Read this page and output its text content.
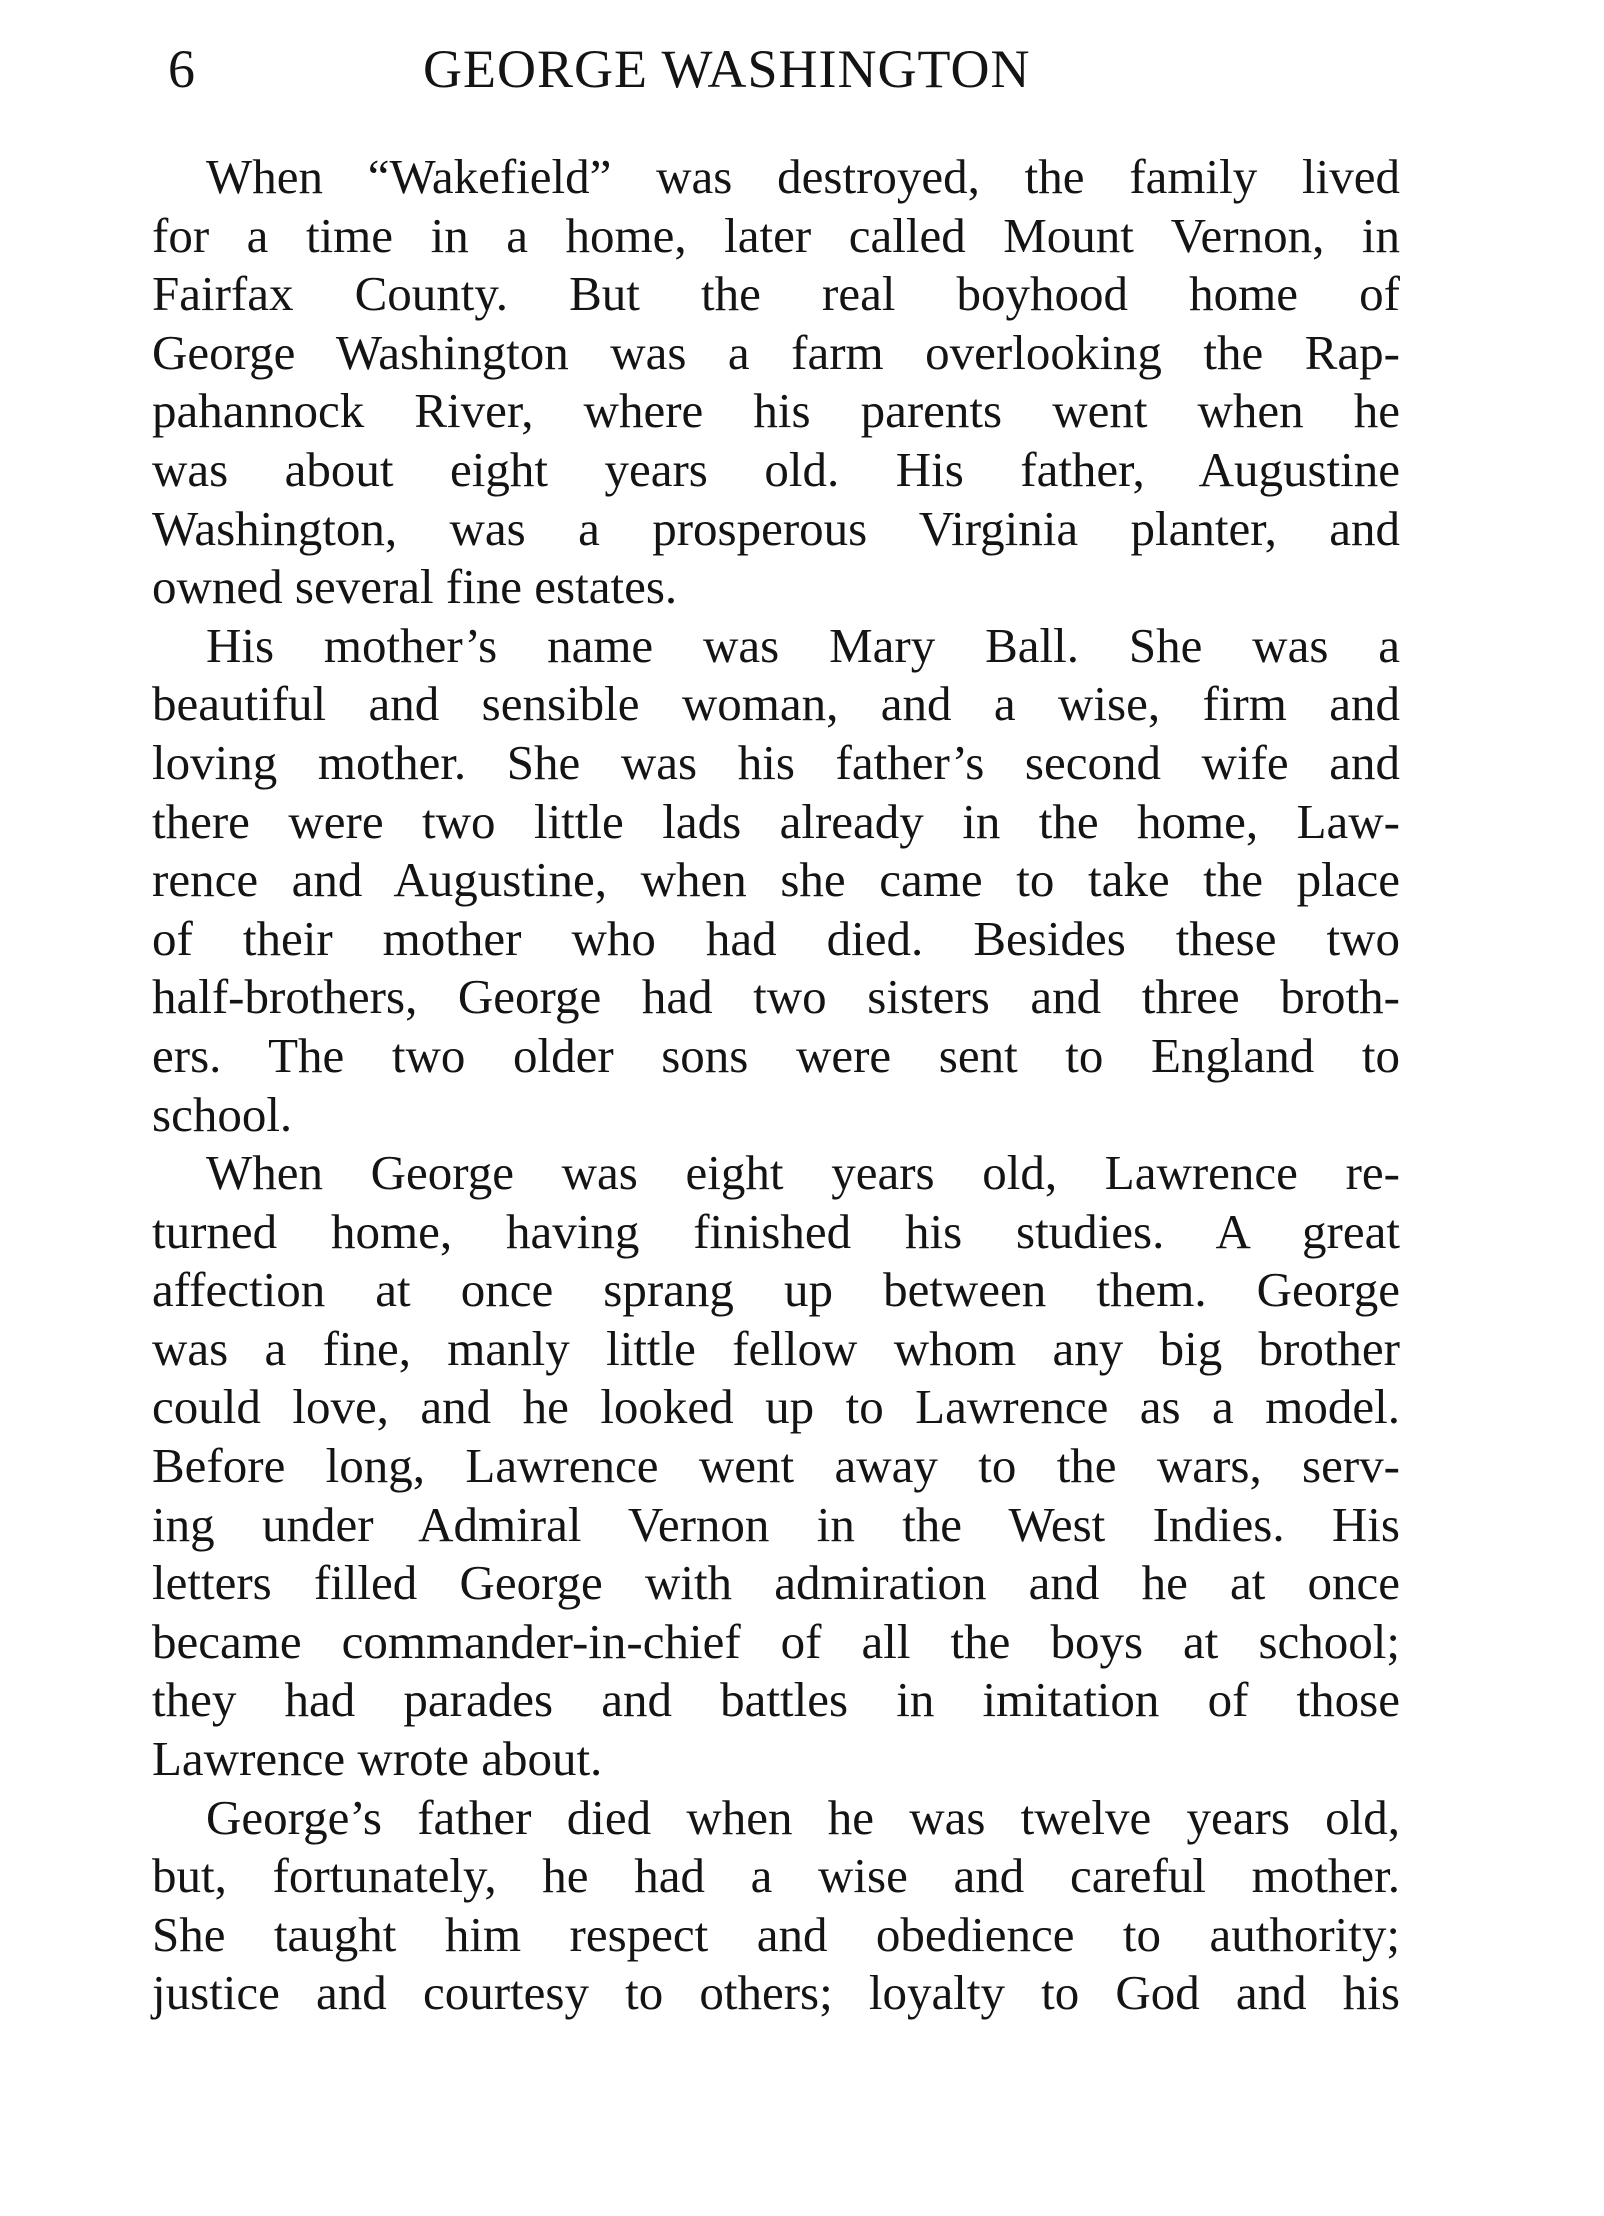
6	GEORGE WASHINGTON
When “Wakefield” was destroyed, the family lived
for a time in a home, later called Mount Vernon, in
Fairfax County. But the real boyhood home of
George Washington was a farm overlooking the Rap-
pahannock River, where his parents went when he
was about eight years old. His father, Augustine
Washington, was a prosperous Virginia planter, and
owned several fine estates.
His mother’s name was Mary Ball. She was a
beautiful and sensible woman, and a wise, firm and
loving mother. She was his father’s second wife and
there were two little lads already in the home, Law-
rence and Augustine, when she came to take the place
of their mother who had died. Besides these two
half-brothers, George had two sisters and three broth-
ers. The two older sons were sent to England to
school.
When George was eight years old, Lawrence re-
turned home, having finished his studies. A great
affection at once sprang up between them. George
was a fine, manly little fellow whom any big brother
could love, and he looked up to Lawrence as a model.
Before long, Lawrence went away to the wars, serv-
ing under Admiral Vernon in the West Indies. His
letters filled George with admiration and he at once
became commander-in-chief of all the boys at school;
they had parades and battles in imitation of those
Lawrence wrote about.
George’s father died when he was twelve years old,
but, fortunately, he had a wise and careful mother.
She taught him respect and obedience to authority;
justice and courtesy to others; loyalty to God and his
